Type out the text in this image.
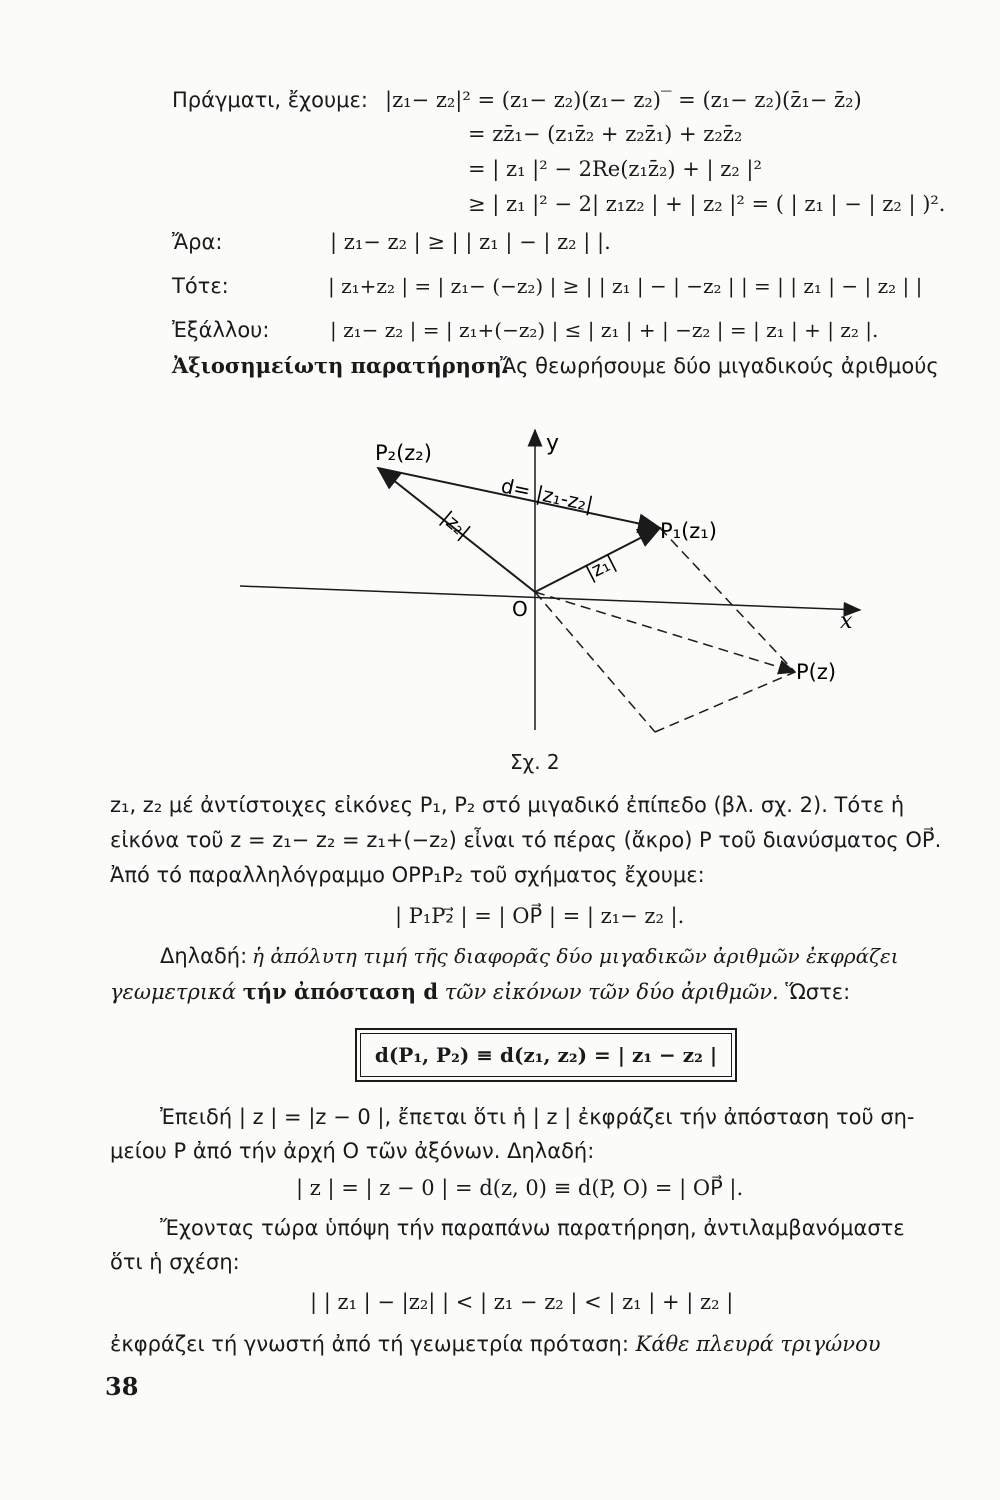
Πράγματι, ἔχουμε: |z₁− z₂|² = (z₁− z₂)(z₁− z₂)‾ = (z₁− z₂)(z̄₁− z̄₂)
= zz̄₁− (z₁z̄₂ + z₂z̄₁) + z₂z̄₂
= | z₁ |² − 2Re(z₁z̄₂) + | z₂ |²
≥ | z₁ |² − 2| z₁z₂ | + | z₂ |² = ( | z₁ | − | z₂ | )².
Ἄρα:	| z₁− z₂ | ≥ | | z₁ | − | z₂ | |.
Τότε:	| z₁+z₂ | = | z₁− (−z₂) | ≥ | | z₁ | − | −z₂ | | = | | z₁ | − | z₂ | |
Ἐξάλλου:	| z₁− z₂ | = | z₁+(−z₂) | ≤ | z₁ | + | −z₂ | = | z₁ | + | z₂ |.
Ἀξιοσημείωτη παρατήρηση.
Ἄς θεωρήσουμε δύο μιγαδικούς ἀριθμούς
y
x
O
P₂(z₂)
P₁(z₁)
P(z)
d= |z₁-z₂|
|z₁|
|z₂|
Σχ. 2
z₁, z₂ μέ ἀντίστοιχες εἰκόνες P₁, P₂ στό μιγαδικό ἐπίπεδο (βλ. σχ. 2). Τότε ἡ
εἰκόνα τοῦ z = z₁− z₂ = z₁+(−z₂) εἶναι τό πέρας (ἄκρο) P τοῦ διανύσματος OP⃗.
Ἀπό τό παραλληλόγραμμο OPP₁P₂ τοῦ σχήματος ἔχουμε:
| P₁P₂⃗ | = | OP⃗ | = | z₁− z₂ |.
Δηλαδή: ἡ ἀπόλυτη τιμή τῆς διαφορᾶς δύο μιγαδικῶν ἀριθμῶν ἐκφράζει
γεωμετρικά τήν ἀπόσταση d τῶν εἰκόνων τῶν δύο ἀριθμῶν. Ὥστε:
d(P₁, P₂) ≡ d(z₁, z₂) = | z₁ − z₂ |
Ἐπειδή | z | = |z − 0 |, ἔπεται ὅτι ἡ | z | ἐκφράζει τήν ἀπόσταση τοῦ ση-
μείου P ἀπό τήν ἀρχή O τῶν ἀξόνων. Δηλαδή:
| z | = | z − 0 | = d(z, 0) ≡ d(P, O) = | OP⃗ |.
Ἔχοντας τώρα ὑπόψη τήν παραπάνω παρατήρηση, ἀντιλαμβανόμαστε
ὅτι ἡ σχέση:
| | z₁ | − |z₂| | < | z₁ − z₂ | < | z₁ | + | z₂ |
ἐκφράζει τή γνωστή ἀπό τή γεωμετρία πρόταση: Κάθε πλευρά τριγώνου
38
